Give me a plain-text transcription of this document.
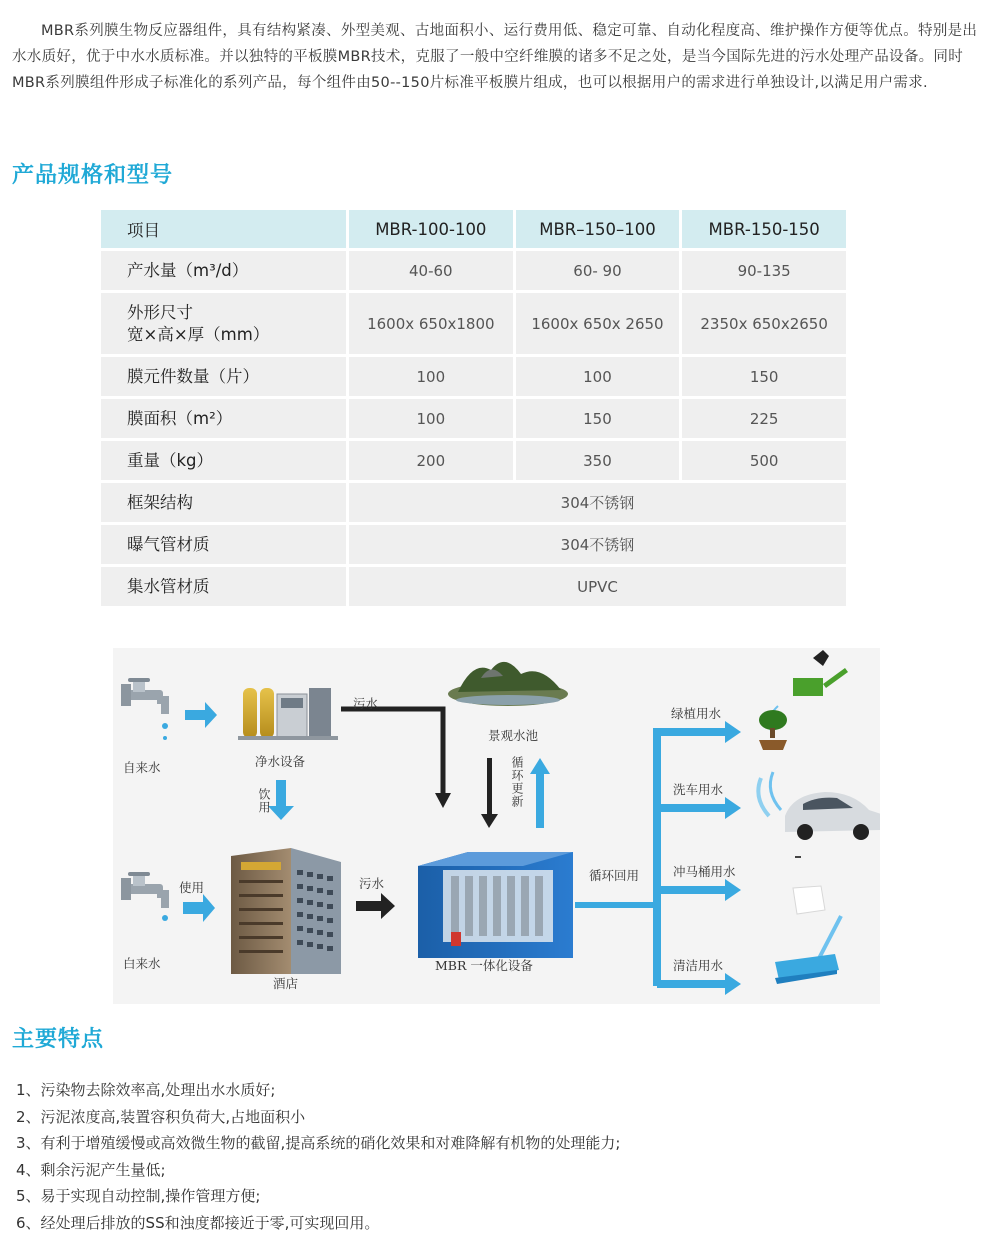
MBR系列膜生物反应器组件，具有结构紧凑、外型美观、古地面积小、运行费用低、稳定可靠、自动化程度高、维护操作方便等优点。特别是出水水质好，优于中水水质标准。并以独特的平板膜MBR技术，克服了一般中空纤维膜的诸多不足之处，是当今国际先进的污水处理产品设备。同时MBR系列膜组件形成子标准化的系列产品，每个组件由50--150片标准平板膜片组成，也可以根据用户的需求进行单独设计,以满足用户需求.

产品规格和型号
项目	MBR-100-100	MBR–150–100	MBR-150-150

产水量（m³/d）	40-60	60- 90	90-135

外形尺寸
宽×高×厚（mm）	1600x 650x1800	1600x 650x 2650	2350x 650x2650

膜元件数量（片）	100	100	150

膜面积（m²）	100	150	225

重量（kg）	200	350	500

框架结构	304不锈钢		

曝气管材质	304不锈钢		

集水管材质	UPVC		
自来水	净水设备
污水
景观水池
饮用	循环更新
白来水
使用
酒店
污水
MBR 一体化设备
循环回用
绿植用水
洗车用水
冲马桶用水
清洁用水
主要特点
1、污染物去除效率高,处理出水水质好;
2、污泥浓度高,装置容积负荷大,占地面积小
3、有利于增殖缓慢或高效微生物的截留,提高系统的硝化效果和对难降解有机物的处理能力;
4、剩余污泥产生量低;
5、易于实现自动控制,操作管理方便;
6、经处理后排放的SS和浊度都接近于零,可实现回用。
